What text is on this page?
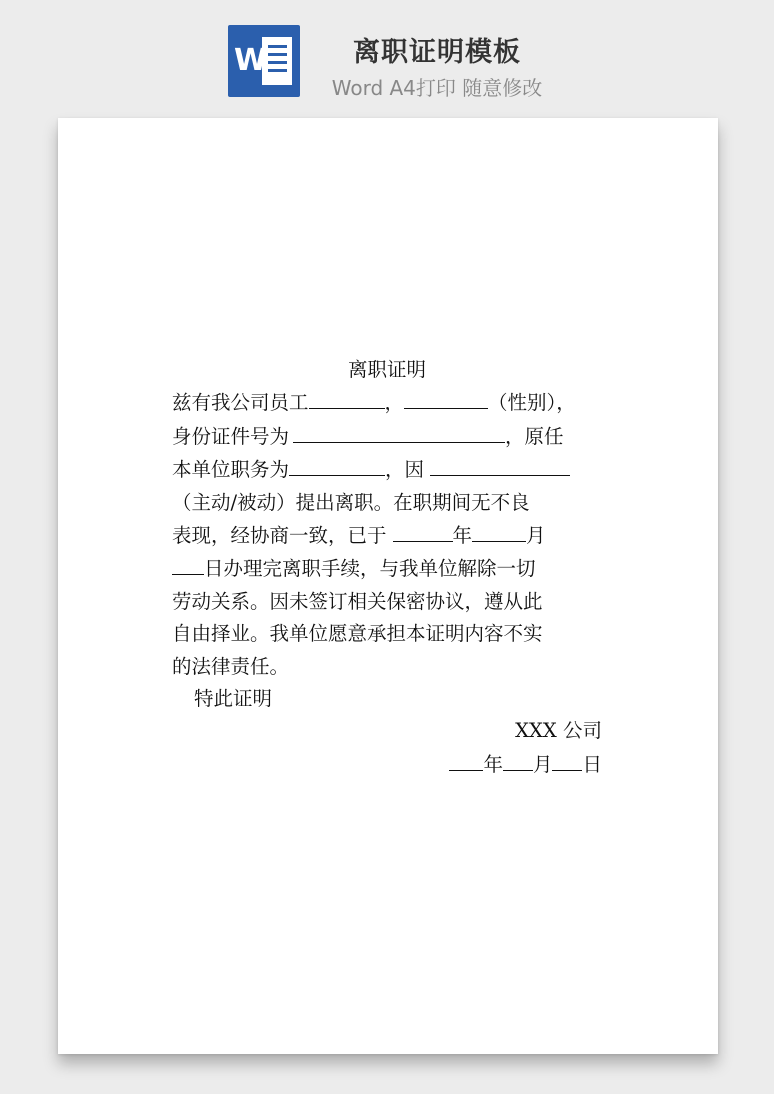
W	离职证明模板
Word A4打印 随意修改
离职证明
兹有我公司员工	，	（性别），
身份证件号为	，原任
本单位职务为	，因
（主动/被动）提出离职。在职期间无不良
表现，经协商一致，已于	年	月
日办理完离职手续，与我单位解除一切
劳动关系。因未签订相关保密协议，遵从此
自由择业。我单位愿意承担本证明内容不实
的法律责任。
特此证明
XXX 公司
年 月 日
